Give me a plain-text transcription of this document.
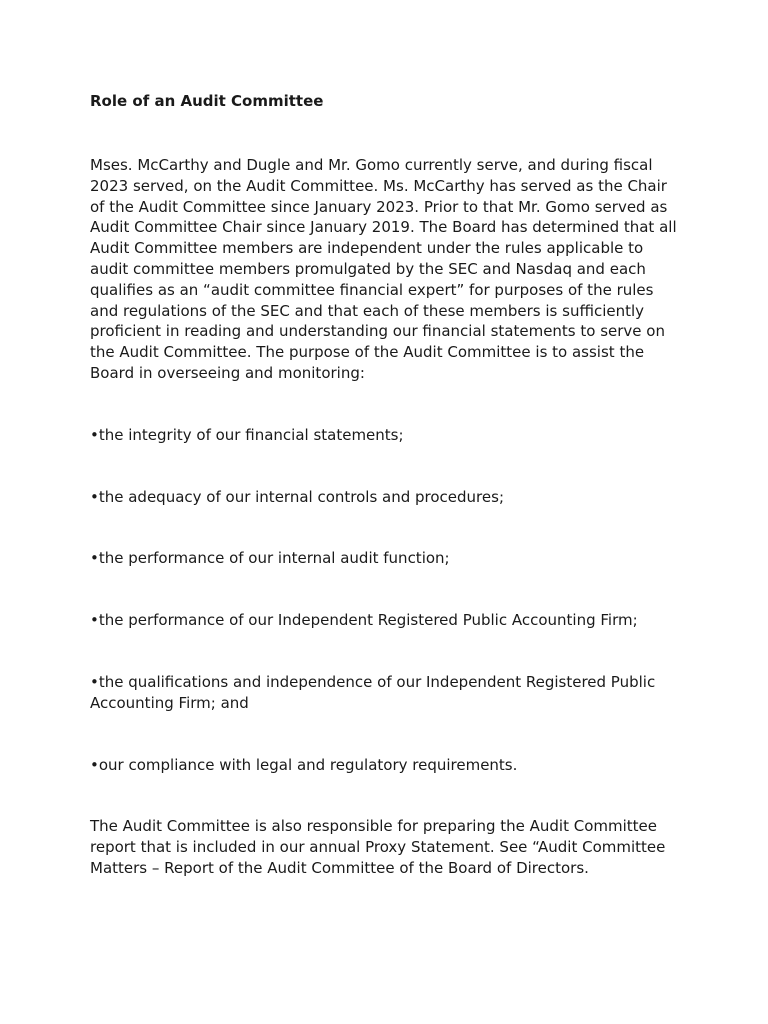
Role of an Audit Committee

Mses. McCarthy and Dugle and Mr. Gomo currently serve, and during fiscal 2023 served, on the Audit Committee. Ms. McCarthy has served as the Chair of the Audit Committee since January 2023. Prior to that Mr. Gomo served as Audit Committee Chair since January 2019. The Board has determined that all Audit Committee members are independent under the rules applicable to audit committee members promulgated by the SEC and Nasdaq and each qualifies as an “audit committee financial expert” for purposes of the rules and regulations of the SEC and that each of these members is sufficiently proficient in reading and understanding our financial statements to serve on the Audit Committee. The purpose of the Audit Committee is to assist the Board in overseeing and monitoring:

•the integrity of our financial statements;

•the adequacy of our internal controls and procedures;

•the performance of our internal audit function;

•the performance of our Independent Registered Public Accounting Firm;

•the qualifications and independence of our Independent Registered Public Accounting Firm; and

•our compliance with legal and regulatory requirements.

The Audit Committee is also responsible for preparing the Audit Committee report that is included in our annual Proxy Statement. See “Audit Committee Matters – Report of the Audit Committee of the Board of Directors.
